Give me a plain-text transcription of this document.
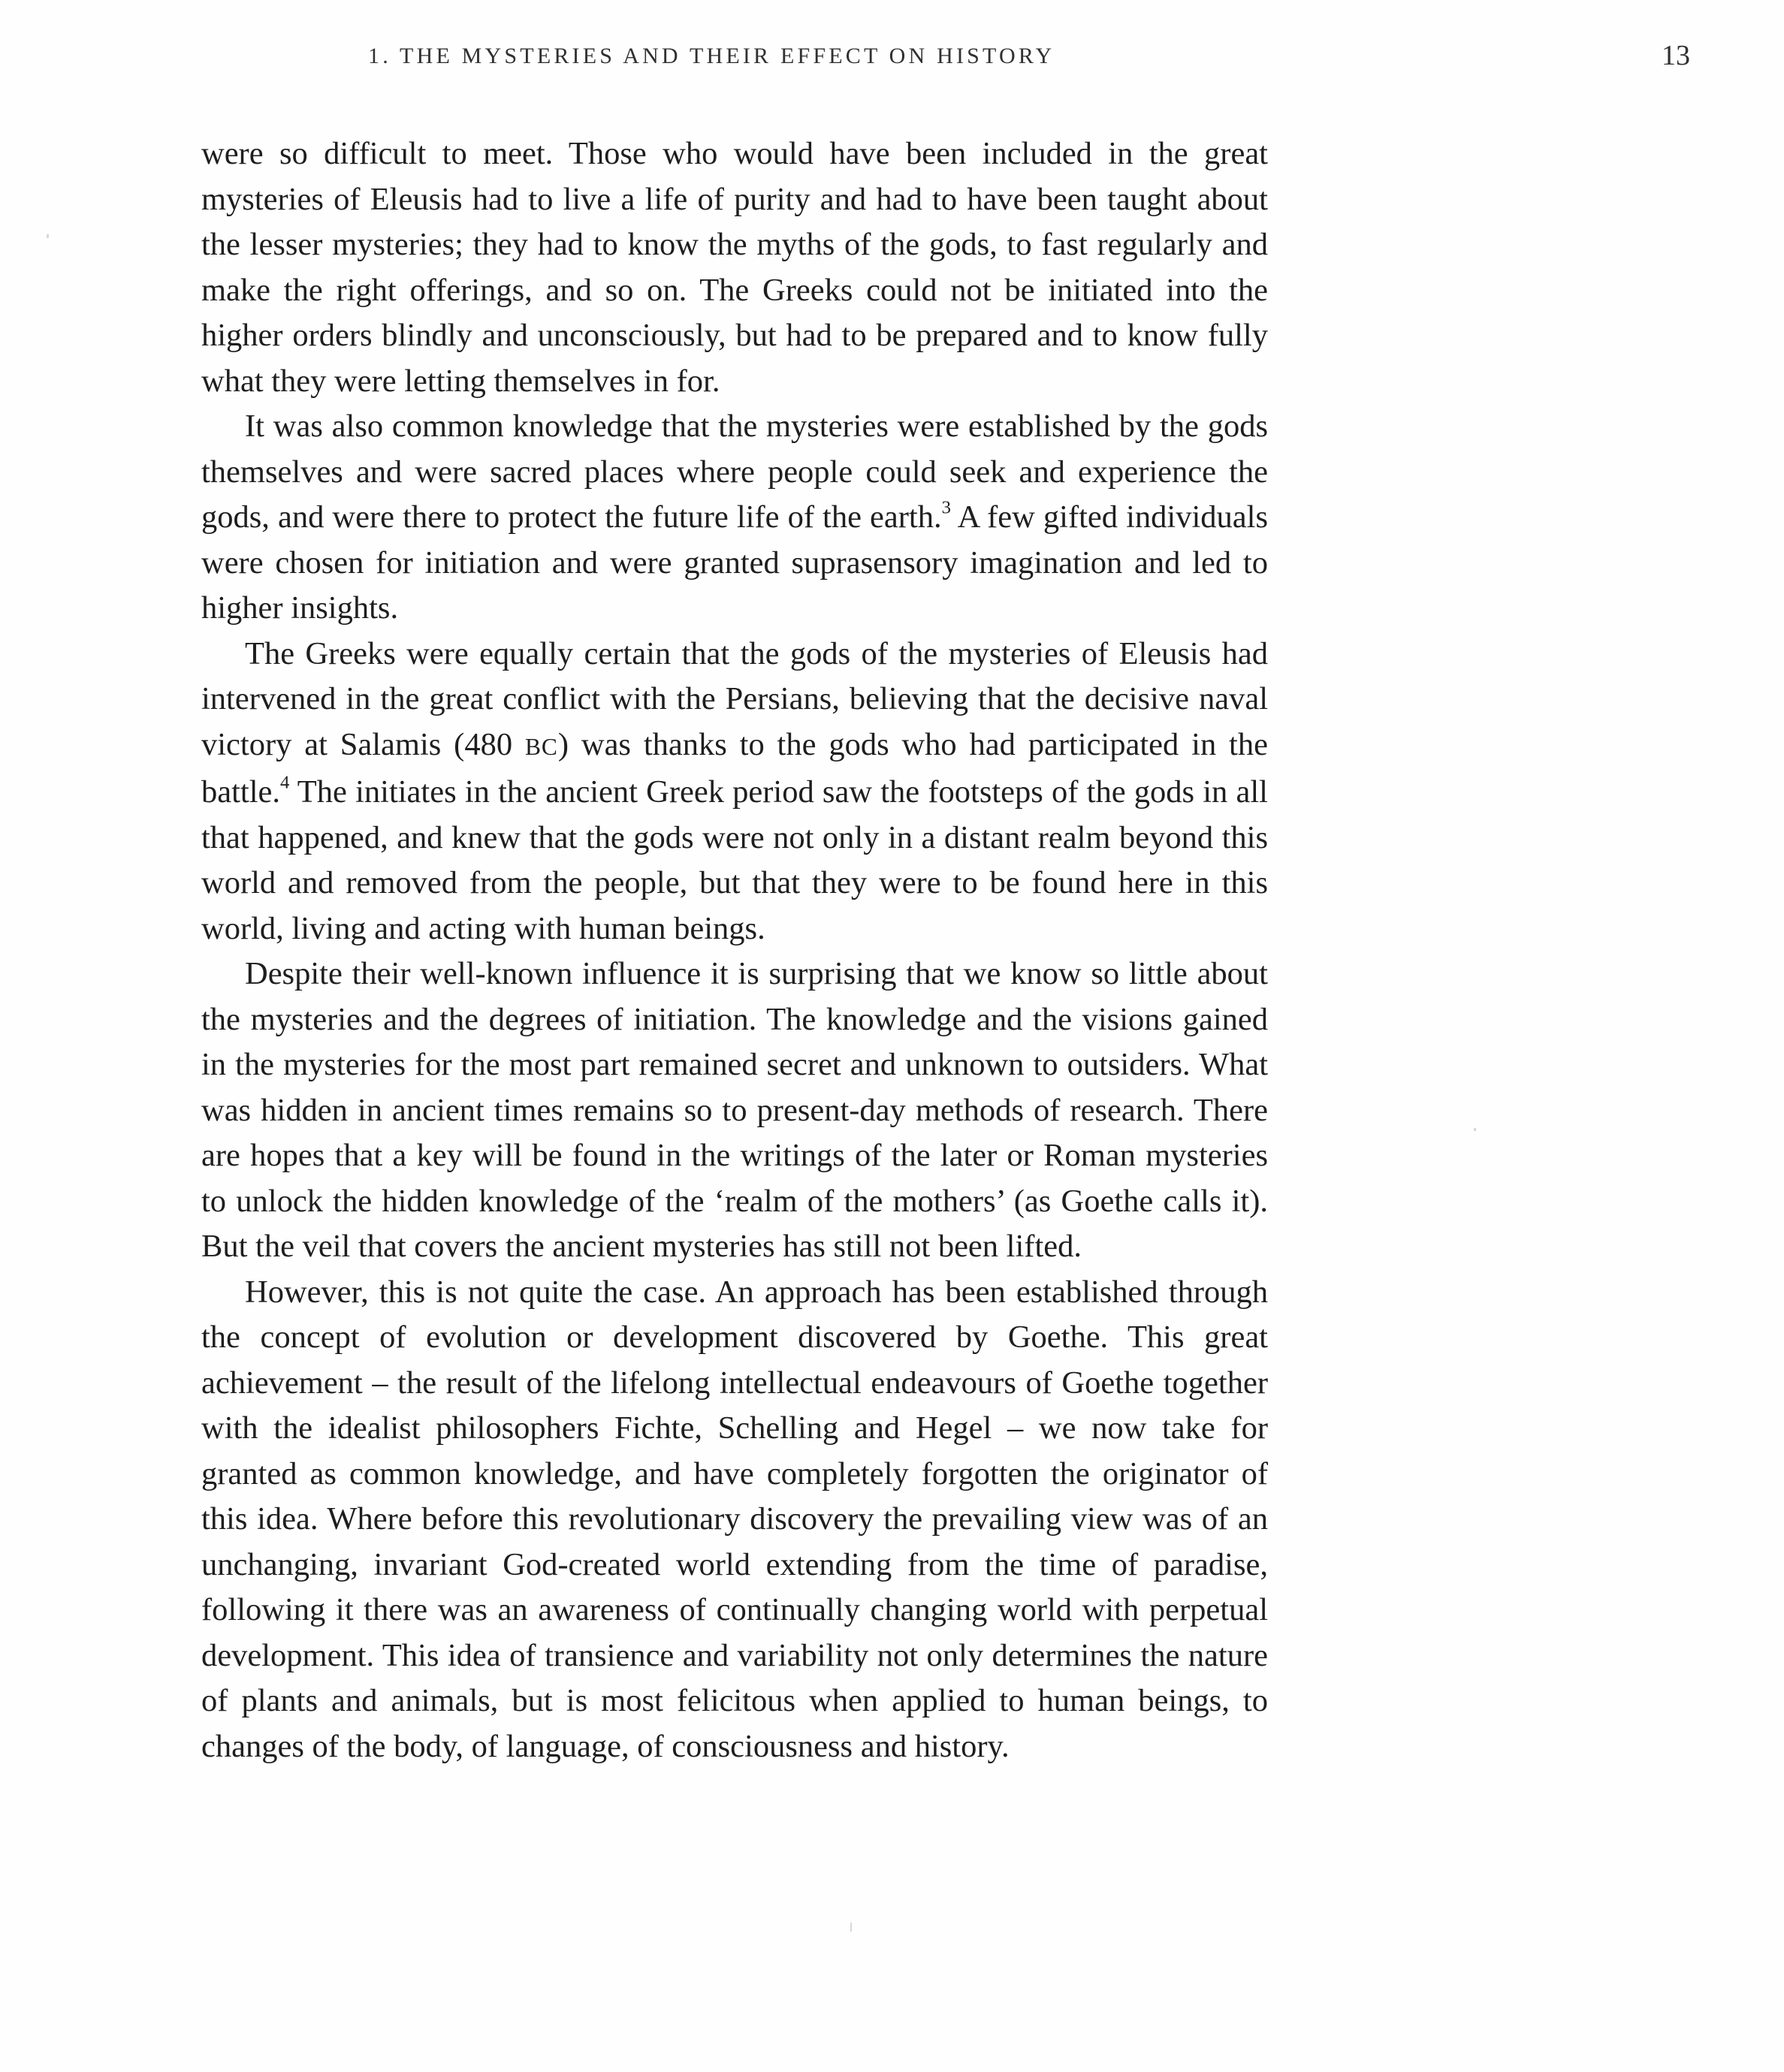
1. THE MYSTERIES AND THEIR EFFECT ON HISTORY	13

were so difficult to meet. Those who would have been included in the great mysteries of Eleusis had to live a life of purity and had to have been taught about the lesser mysteries; they had to know the myths of the gods, to fast regularly and make the right offerings, and so on. The Greeks could not be initiated into the higher orders blindly and unconsciously, but had to be prepared and to know fully what they were letting themselves in for.

It was also common knowledge that the mysteries were established by the gods themselves and were sacred places where people could seek and experience the gods, and were there to protect the future life of the earth.$^3$ A few gifted individuals were chosen for initiation and were granted suprasensory imagination and led to higher insights.

The Greeks were equally certain that the gods of the mysteries of Eleusis had intervened in the great conflict with the Persians, believing that the decisive naval victory at Salamis (480 BC) was thanks to the gods who had participated in the battle.$^4$ The initiates in the ancient Greek period saw the footsteps of the gods in all that happened, and knew that the gods were not only in a distant realm beyond this world and removed from the people, but that they were to be found here in this world, living and acting with human beings.

Despite their well-known influence it is surprising that we know so little about the mysteries and the degrees of initiation. The knowledge and the visions gained in the mysteries for the most part remained secret and unknown to outsiders. What was hidden in ancient times remains so to present-day methods of research. There are hopes that a key will be found in the writings of the later or Roman mysteries to unlock the hidden knowledge of the ‘realm of the mothers’ (as Goethe calls it). But the veil that covers the ancient mysteries has still not been lifted.

However, this is not quite the case. An approach has been established through the concept of evolution or development discovered by Goethe. This great achievement – the result of the lifelong intellectual endeavours of Goethe together with the idealist philosophers Fichte, Schelling and Hegel – we now take for granted as common knowledge, and have completely forgotten the originator of this idea. Where before this revolutionary discovery the prevailing view was of an unchanging, invariant God-created world extending from the time of paradise, following it there was an awareness of continually changing world with perpetual development. This idea of transience and variability not only determines the nature of plants and animals, but is most felicitous when applied to human beings, to changes of the body, of language, of consciousness and history.
